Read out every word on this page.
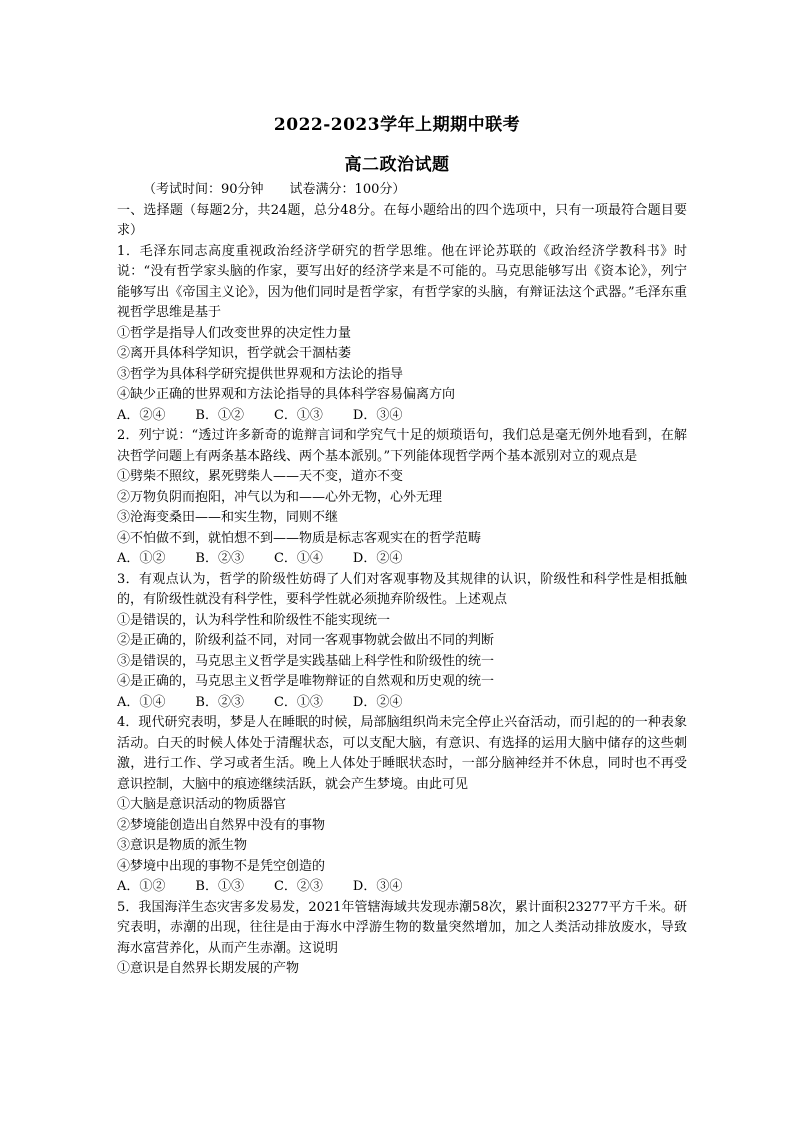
2022-2023学年上期期中联考
高二政治试题
（考试时间：90分钟　　试卷满分：100分）
一、选择题（每题2分，共24题，总分48分。在每小题给出的四个选项中，只有一项最符合题目要求）
1．毛泽东同志高度重视政治经济学研究的哲学思维。他在评论苏联的《政治经济学教科书》时说：“没有哲学家头脑的作家，要写出好的经济学来是不可能的。马克思能够写出《资本论》，列宁能够写出《帝国主义论》，因为他们同时是哲学家，有哲学家的头脑，有辩证法这个武器。”毛泽东重视哲学思维是基于
①哲学是指导人们改变世界的决定性力量
②离开具体科学知识，哲学就会干涸枯萎
③哲学为具体科学研究提供世界观和方法论的指导
④缺少正确的世界观和方法论指导的具体科学容易偏离方向
A．②④ B．①② C．①③ D．③④
2．列宁说：“透过许多新奇的诡辩言词和学究气十足的烦琐语句，我们总是毫无例外地看到，在解决哲学问题上有两条基本路线、两个基本派别。”下列能体现哲学两个基本派别对立的观点是
①劈柴不照纹，累死劈柴人——天不变，道亦不变
②万物负阴而抱阳，冲气以为和——心外无物，心外无理
③沧海变桑田——和实生物，同则不继
④不怕做不到，就怕想不到——物质是标志客观实在的哲学范畴
A．①② B．②③ C．①④ D．②④
3．有观点认为，哲学的阶级性妨碍了人们对客观事物及其规律的认识，阶级性和科学性是相抵触的，有阶级性就没有科学性，要科学性就必须抛弃阶级性。上述观点
①是错误的，认为科学性和阶级性不能实现统一
②是正确的，阶级利益不同，对同一客观事物就会做出不同的判断
③是错误的，马克思主义哲学是实践基础上科学性和阶级性的统一
④是正确的，马克思主义哲学是唯物辩证的自然观和历史观的统一
A．①④ B．②③ C．①③ D．②④
4．现代研究表明，梦是人在睡眠的时候，局部脑组织尚未完全停止兴奋活动，而引起的的一种表象活动。白天的时候人体处于清醒状态，可以支配大脑，有意识、有选择的运用大脑中储存的这些刺激，进行工作、学习或者生活。晚上人体处于睡眠状态时，一部分脑神经并不休息，同时也不再受意识控制，大脑中的痕迹继续活跃，就会产生梦境。由此可见
①大脑是意识活动的物质器官
②梦境能创造出自然界中没有的事物
③意识是物质的派生物
④梦境中出现的事物不是凭空创造的
A．①② B．①③ C．②③ D．③④
5．我国海洋生态灾害多发易发，2021年管辖海域共发现赤潮58次，累计面积23277平方千米。研究表明，赤潮的出现，往往是由于海水中浮游生物的数量突然增加，加之人类活动排放废水，导致海水富营养化，从而产生赤潮。这说明
①意识是自然界长期发展的产物
